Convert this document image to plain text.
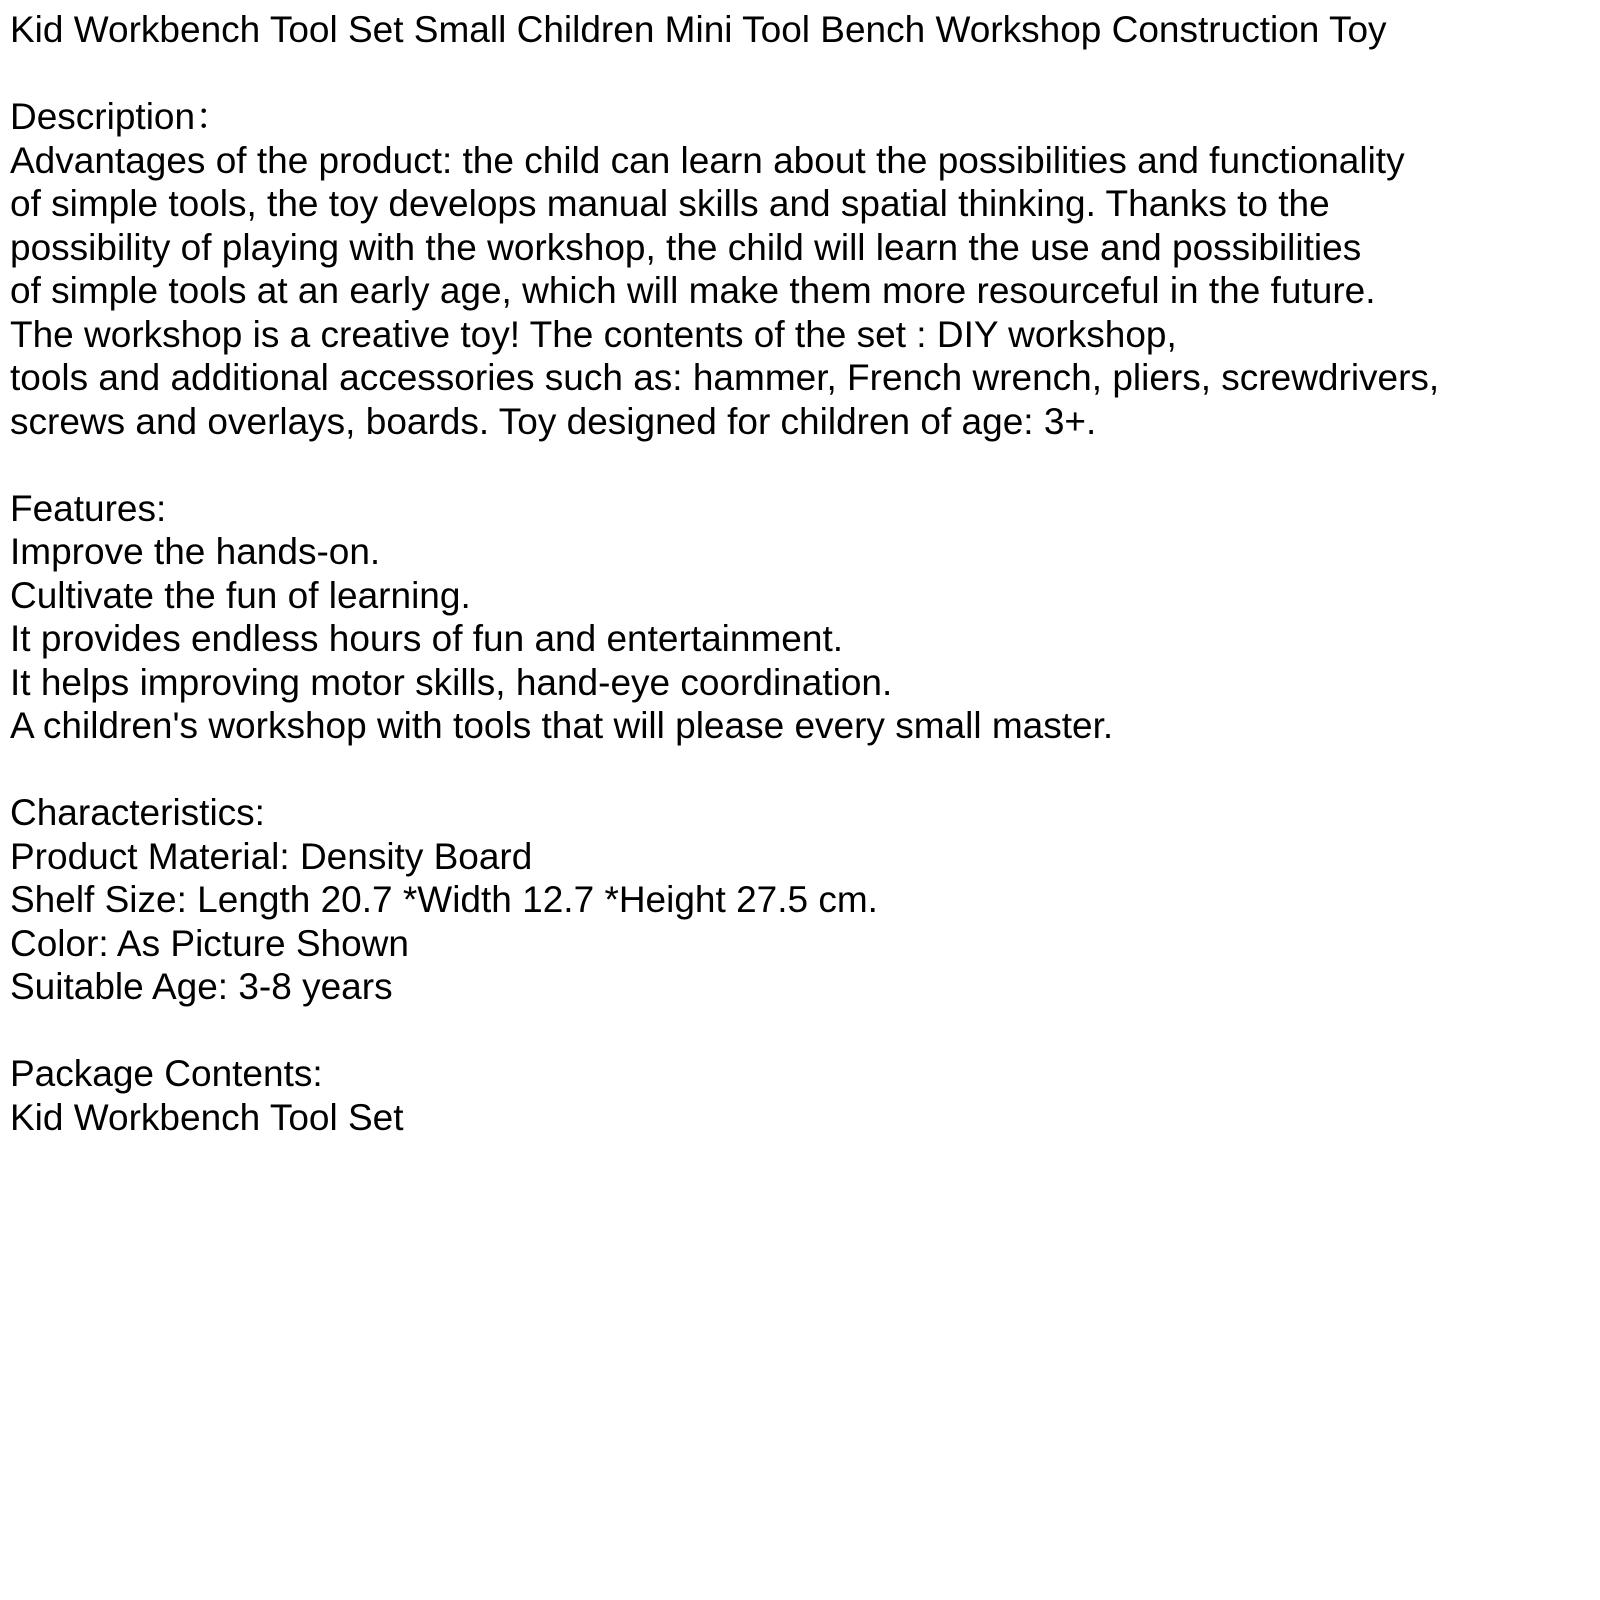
Kid Workbench Tool Set Small Children Mini Tool Bench Workshop Construction Toy
Description：
Advantages of the product: the child can learn about the possibilities and functionality
of simple tools, the toy develops manual skills and spatial thinking. Thanks to the
possibility of playing with the workshop, the child will learn the use and possibilities
of simple tools at an early age, which will make them more resourceful in the future.
The workshop is a creative toy! The contents of the set : DIY workshop,
tools and additional accessories such as: hammer, French wrench, pliers, screwdrivers,
screws and overlays, boards. Toy designed for children of age: 3+.
Features:
Improve the hands-on.
Cultivate the fun of learning.
It provides endless hours of fun and entertainment.
It helps improving motor skills, hand-eye coordination.
A children's workshop with tools that will please every small master.
Characteristics:
Product Material: Density Board
Shelf Size: Length 20.7 *Width 12.7 *Height 27.5 cm.
Color: As Picture Shown
Suitable Age: 3-8 years
Package Contents:
Kid Workbench Tool Set
